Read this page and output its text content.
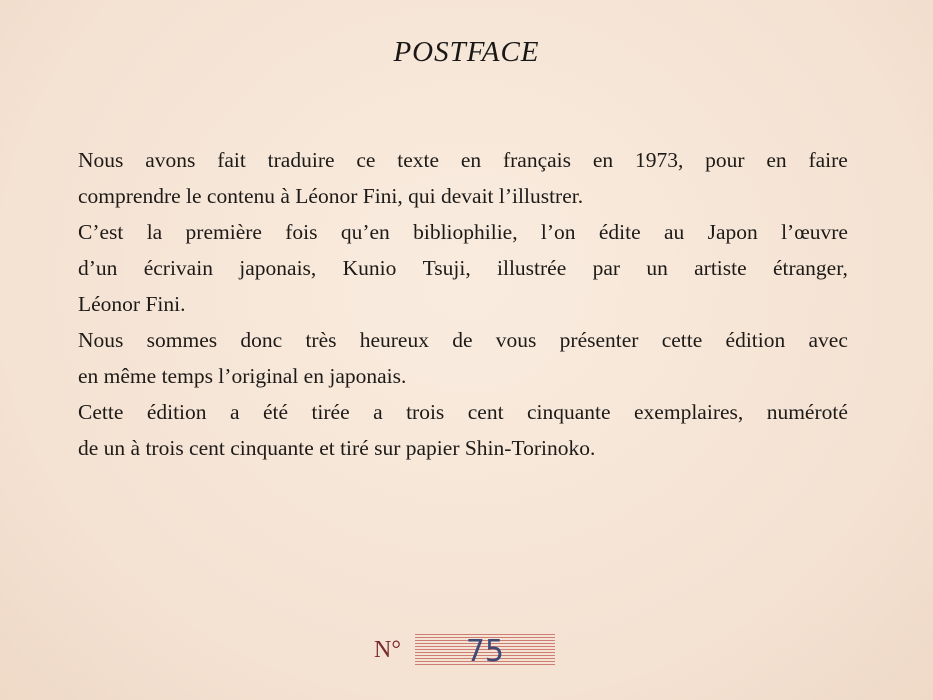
POSTFACE
Nous avons fait traduire ce texte en français en 1973, pour en faire
comprendre le contenu à Léonor Fini, qui devait l’illustrer.
C’est la première fois qu’en bibliophilie, l’on édite au Japon l’œuvre
d’un écrivain japonais, Kunio Tsuji, illustrée par un artiste étranger,
Léonor Fini.
Nous sommes donc très heureux de vous présenter cette édition avec
en même temps l’original en japonais.
Cette édition a été tirée a trois cent cinquante exemplaires, numéroté
de un à trois cent cinquante et tiré sur papier Shin-Torinoko.
N°	75
